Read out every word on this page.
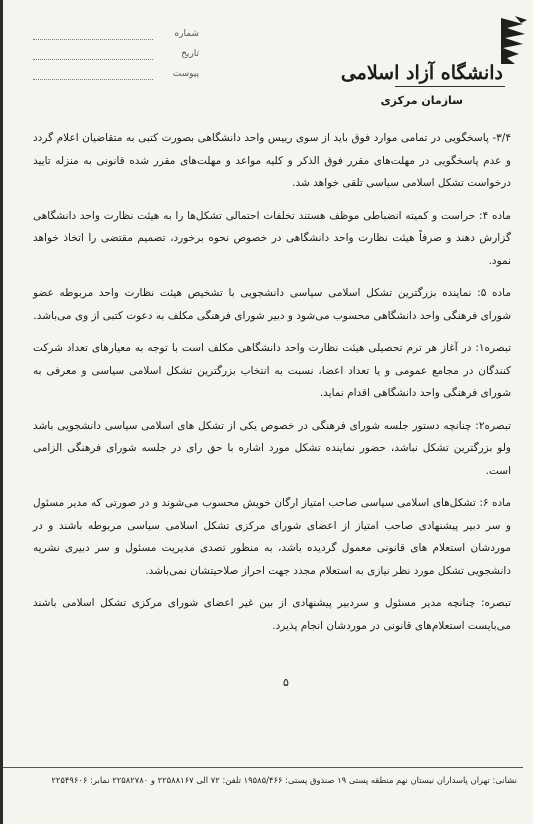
شماره
تاریخ
پیوست	دانشگاه آزاد اسلامی
سازمان مرکزی

۳/۴- پاسخگویی در تمامی موارد فوق باید از سوی رییس واحد دانشگاهی بصورت کتبی به متقاضیان اعلام گردد و عدم پاسخگویی در مهلت‌های مقرر فوق الذکر و کلیه مواعد و مهلت‌های مقرر شده قانونی به منزله تایید درخواست تشکل اسلامی سیاسی تلقی خواهد شد.

ماده ۴: حراست و کمیته انضباطی موظف هستند تخلفات احتمالی تشکل‌ها را به هیئت نظارت واحد دانشگاهی گزارش دهند و صرفاً هیئت نظارت واحد دانشگاهی در خصوص نحوه برخورد، تصمیم مقتضی را اتخاذ خواهد نمود.

ماده ۵: نماینده بزرگترین تشکل اسلامی سیاسی دانشجویی با تشخیص هیئت نظارت واحد مربوطه عضو شورای فرهنگی واحد دانشگاهی محسوب می‌شود و دبیر شورای فرهنگی مکلف به دعوت کتبی از وی می‌باشد.

تبصره۱: در آغاز هر ترم تحصیلی هیئت نظارت واحد دانشگاهی مکلف است با توجه به معیارهای تعداد شرکت کنندگان در مجامع عمومی و یا تعداد اعضا، نسبت به انتخاب بزرگترین تشکل اسلامی سیاسی و معرفی به شورای فرهنگی واحد دانشگاهی اقدام نماید.

تبصره۲: چنانچه دستور جلسه شورای فرهنگی در خصوص یکی از تشکل های اسلامی سیاسی دانشجویی باشد ولو بزرگترین تشکل نباشد، حضور نماینده تشکل مورد اشاره با حق رای در جلسه شورای فرهنگی الزامی است.

ماده ۶: تشکل‌های اسلامی سیاسی صاحب امتیاز ارگان خویش محسوب می‌شوند و در صورتی که مدیر مسئول و سر دبیر پیشنهادی صاحب امتیاز از اعضای شورای مرکزی تشکل اسلامی سیاسی مربوطه باشند و در موردشان استعلام های قانونی معمول گردیده باشد، به منظور تصدی مدیریت مسئول و سر دبیری نشریه دانشجویی تشکل مورد نظر نیازی به استعلام مجدد جهت احراز صلاحیتشان نمی‌باشد.

تبصره: چنانچه مدیر مسئول و سردبیر پیشنهادی از بین غیر اعضای شورای مرکزی تشکل اسلامی باشند می‌بایست استعلام‌های قانونی در موردشان انجام پذیرد.

۵
نشانی: تهران پاسداران نیستان نهم منطقه پستی ۱۹ صندوق پستی: ۱۹۵۸۵/۴۶۶ تلفن: ۷۲ الی ۲۲۵۸۸۱۶۷ و ۲۲۵۸۲۷۸۰ نمابر: ۲۲۵۴۹۶۰۶
